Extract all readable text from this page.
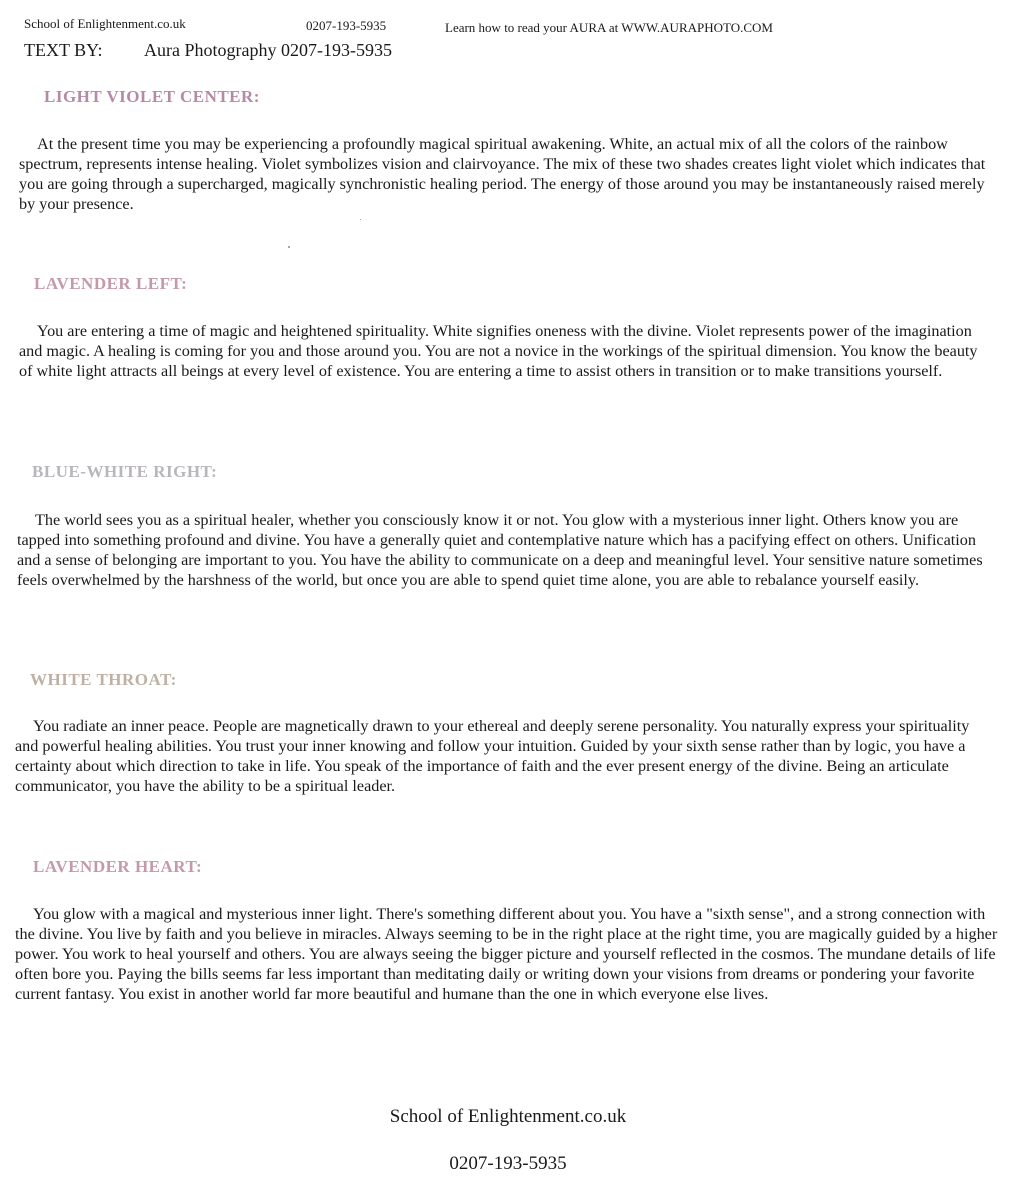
School of Enlightenment.co.uk	0207-193-5935	Learn how to read your AURA at WWW.AURAPHOTO.COM
TEXT BY: Aura Photography 0207-193-5935
LIGHT VIOLET CENTER:

At the present time you may be experiencing a profoundly magical spiritual awakening. White, an actual mix of all the colors of the rainbow spectrum, represents intense healing. Violet symbolizes vision and clairvoyance. The mix of these two shades creates light violet which indicates that you are going through a supercharged, magically synchronistic healing period. The energy of those around you may be instantaneously raised merely by your presence.

LAVENDER LEFT:

You are entering a time of magic and heightened spirituality. White signifies oneness with the divine. Violet represents power of the imagination and magic. A healing is coming for you and those around you. You are not a novice in the workings of the spiritual dimension. You know the beauty of white light attracts all beings at every level of existence. You are entering a time to assist others in transition or to make transitions yourself.

BLUE-WHITE RIGHT:

The world sees you as a spiritual healer, whether you consciously know it or not. You glow with a mysterious inner light. Others know you are tapped into something profound and divine. You have a generally quiet and contemplative nature which has a pacifying effect on others. Unification and a sense of belonging are important to you. You have the ability to communicate on a deep and meaningful level. Your sensitive nature sometimes feels overwhelmed by the harshness of the world, but once you are able to spend quiet time alone, you are able to rebalance yourself easily.

WHITE THROAT:

You radiate an inner peace. People are magnetically drawn to your ethereal and deeply serene personality. You naturally express your spirituality and powerful healing abilities. You trust your inner knowing and follow your intuition. Guided by your sixth sense rather than by logic, you have a certainty about which direction to take in life. You speak of the importance of faith and the ever present energy of the divine. Being an articulate communicator, you have the ability to be a spiritual leader.

LAVENDER HEART:

You glow with a magical and mysterious inner light. There's something different about you. You have a "sixth sense", and a strong connection with the divine. You live by faith and you believe in miracles. Always seeming to be in the right place at the right time, you are magically guided by a higher power. You work to heal yourself and others. You are always seeing the bigger picture and yourself reflected in the cosmos. The mundane details of life often bore you. Paying the bills seems far less important than meditating daily or writing down your visions from dreams or pondering your favorite current fantasy. You exist in another world far more beautiful and humane than the one in which everyone else lives.

School of Enlightenment.co.uk
0207-193-5935
